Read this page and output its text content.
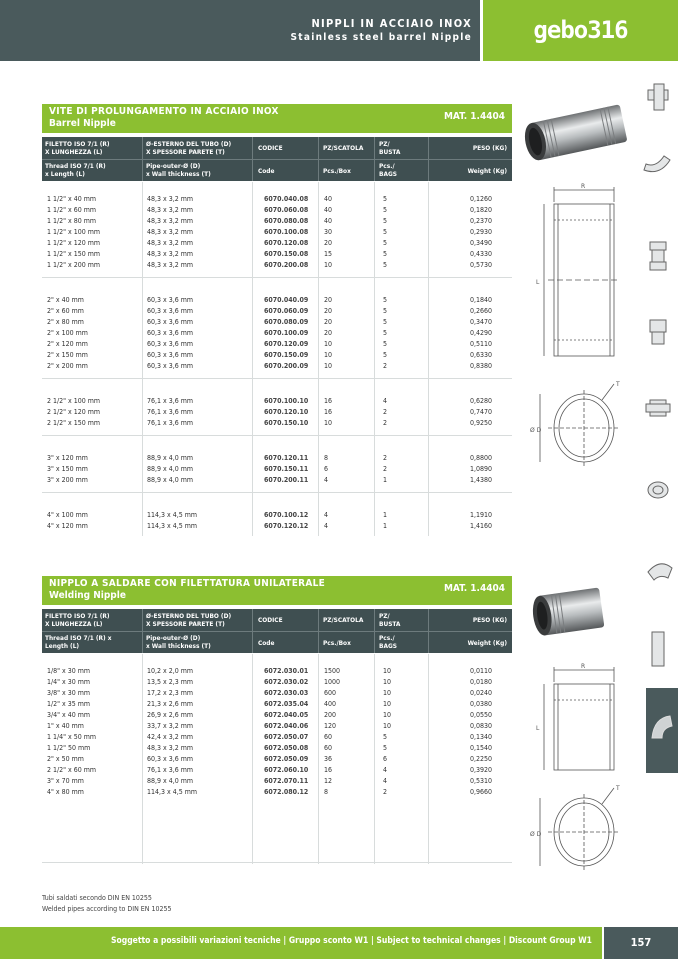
NIPPLI IN ACCIAIO INOX
Stainless steel barrel Nipple	gebo316
VITE DI PROLUNGAMENTO IN ACCIAIO INOX
Barrel Nipple
MAT. 1.4404
FILETTO ISO 7/1 (R)
X LUNGHEZZA (L)
Ø-ESTERNO DEL TUBO (D)
X SPESSORE PARETE (T)	CODICE	PZ/SCATOLA PZ/
BUSTA	PESO (KG)
Thread ISO 7/1 (R)
x Length (L)
Pipe-outer-Ø (D)
x Wall thickness (T)	Code	Pcs./Box
Pcs./
BAGS	Weight (Kg)
1 1/2" x 40 mm	48,3 x 3,2 mm	6070.040.08 40	5	0,1260
1 1/2" x 60 mm	48,3 x 3,2 mm	6070.060.08 40	5	0,1820
1 1/2" x 80 mm	48,3 x 3,2 mm	6070.080.08 40	5	0,2370
1 1/2" x 100 mm	48,3 x 3,2 mm	6070.100.08 30	5	0,2930
1 1/2" x 120 mm	48,3 x 3,2 mm	6070.120.08 20	5	0,3490
1 1/2" x 150 mm	48,3 x 3,2 mm	6070.150.08 15	5	0,4330
1 1/2" x 200 mm	48,3 x 3,2 mm	6070.200.08 10	5	0,5730
2" x 40 mm	60,3 x 3,6 mm	6070.040.09 20	5	0,1840
2" x 60 mm	60,3 x 3,6 mm	6070.060.09 20	5	0,2660
2" x 80 mm	60,3 x 3,6 mm	6070.080.09 20	5	0,3470
2" x 100 mm	60,3 x 3,6 mm	6070.100.09 20	5	0,4290
2" x 120 mm	60,3 x 3,6 mm	6070.120.09 10	5	0,5110
2" x 150 mm	60,3 x 3,6 mm	6070.150.09 10	5	0,6330
2" x 200 mm	60,3 x 3,6 mm	6070.200.09 10	2	0,8380
2 1/2" x 100 mm	76,1 x 3,6 mm	6070.100.10 16	4	0,6280
2 1/2" x 120 mm	76,1 x 3,6 mm	6070.120.10 16	2	0,7470
2 1/2" x 150 mm	76,1 x 3,6 mm	6070.150.10 10	2	0,9250
3" x 120 mm	88,9 x 4,0 mm	6070.120.11 8	2	0,8800
3" x 150 mm	88,9 x 4,0 mm	6070.150.11 6	2	1,0890
3" x 200 mm	88,9 x 4,0 mm	6070.200.11 4	1	1,4380
4" x 100 mm	114,3 x 4,5 mm	6070.100.12 4	1	1,1910
4" x 120 mm	114,3 x 4,5 mm	6070.120.12 4	1	1,4160
NIPPLO A SALDARE CON FILETTATURA UNILATERALE
Welding Nipple
MAT. 1.4404
FILETTO ISO 7/1 (R)
X LUNGHEZZA (L)
Ø-ESTERNO DEL TUBO (D)
X SPESSORE PARETE (T)	CODICE	PZ/SCATOLA PZ/
BUSTA	PESO (KG)
Thread ISO 7/1 (R) x
Length (L)
Pipe-outer-Ø (D)
x Wall thickness (T)	Code	Pcs./Box
Pcs./
BAGS	Weight (Kg)
1/8" x 30 mm	10,2 x 2,0 mm	6072.030.01 1500	10	0,0110
1/4" x 30 mm	13,5 x 2,3 mm	6072.030.02 1000	10	0,0180
3/8" x 30 mm	17,2 x 2,3 mm	6072.030.03 600	10	0,0240
1/2" x 35 mm	21,3 x 2,6 mm	6072.035.04 400	10	0,0380
3/4" x 40 mm	26,9 x 2,6 mm	6072.040.05 200	10	0,0550
1" x 40 mm	33,7 x 3,2 mm	6072.040.06 120	10	0,0830
1 1/4" x 50 mm	42,4 x 3,2 mm	6072.050.07 60	5	0,1340
1 1/2" 50 mm	48,3 x 3,2 mm	6072.050.08 60	5	0,1540
2" x 50 mm	60,3 x 3,6 mm	6072.050.09 36	6	0,2250
2 1/2" x 60 mm	76,1 x 3,6 mm	6072.060.10 16	4	0,3920
3" x 70 mm	88,9 x 4,0 mm	6072.070.11 12	4	0,5310
4" x 80 mm	114,3 x 4,5 mm	6072.080.12 8	2	0,9660
R
L
T
Ø D
R
L
T
Ø D
Tubi saldati secondo DIN EN 10255
Welded pipes according to DIN EN 10255
Soggetto a possibili variazioni tecniche | Gruppo sconto W1 | Subject to technical changes | Discount Group W1	157
